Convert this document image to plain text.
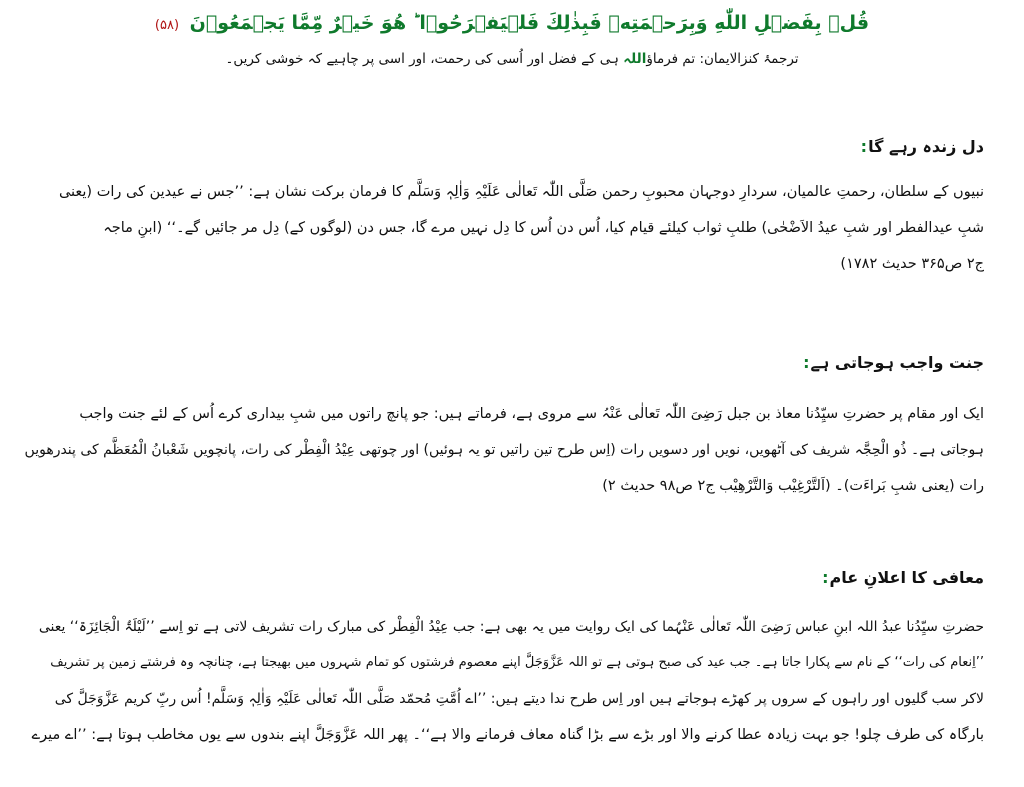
قُلۡ بِفَضۡلِ اللّٰهِ وَبِرَحۡمَتِهٖ فَبِذٰلِكَ فَلۡيَفۡرَحُوۡا ؕ هُوَ خَيۡرٌ مِّمَّا يَجۡمَعُوۡنَ (۵۸)
ترجمۂ کنزالایمان: تم فرماؤاللہ ہی کے فضل اور اُسی کی رحمت، اور اسی پر چاہیے کہ خوشی کریں۔
دل زندہ رہے گا
:
نبیوں کے سلطان، رحمتِ عالمیان، سردارِ دوجہان محبوبِ رحمن صَلَّی اللّٰہ تَعالٰی عَلَیْہِ وَاٰلِہٖ وَسَلَّم کا فرمان برکت نشان ہے: ’’جس نے عیدین کی رات (یعنی
شبِ عیدالفطر اور شبِ عیدُ الاَضْحٰی) طلبِ ثواب کیلئے قیام کیا، اُس دن اُس کا دِل نہیں مرے گا، جس دن (لوگوں کے) دِل مر جائیں گے۔‘‘ (ابنِ ماجہ
ج۲ ص۳۶۵ حدیث ۱۷۸۲)
جنت واجب ہوجاتی ہے
:
ایک اور مقام پر حضرتِ سیِّدُنا معاذ بن جبل رَضِیَ اللّٰہ تَعالٰی عَنْہُ سے مروی ہے، فرماتے ہیں: جو پانچ راتوں میں شبِ بیداری کرے اُس کے لئے جنت واجب
ہوجاتی ہے۔ ذُو الْحِجَّہ شریف کی آٹھویں، نویں اور دسویں رات (اِس طرح تین راتیں تو یہ ہوئیں) اور چوتھی عِیْدُ الْفِطْر کی رات، پانچویں شَعْبانُ الْمُعَظَّم کی پندرھویں
رات (یعنی شبِ بَراءَت)۔ (اَلتَّرْغِیْب وَالتَّرْھِیْب ج۲ ص۹۸ حدیث ۲)
معافی کا اعلانِ عام
:
حضرتِ سیِّدُنا عبدُ اللہ ابنِ عباس رَضِیَ اللّٰہ تَعالٰی عَنْہُما کی ایک روایت میں یہ بھی ہے: جب عِیْدُ الْفِطْر کی مبارک رات تشریف لاتی ہے تو اِسے ’’لَیْلَۃُ الْجَائِزَۃ‘‘ یعنی
’’اِنعام کی رات‘‘ کے نام سے پکارا جاتا ہے۔ جب عید کی صبح ہوتی ہے تو اللہ عَزَّوَجَلَّ اپنے معصوم فرشتوں کو تمام شہروں میں بھیجتا ہے، چنانچہ وہ فرشتے زمین پر تشریف
لاکر سب گلیوں اور راہوں کے سروں پر کھڑے ہوجاتے ہیں اور اِس طرح ندا دیتے ہیں: ’’اے اُمَّتِ مُحمّد صَلَّی اللّٰہ تَعالٰی عَلَیْہِ وَاٰلِہٖ وَسَلَّم! اُس ربِّ کریم عَزَّوَجَلَّ کی
بارگاہ کی طرف چلو! جو بہت زیادہ عطا کرنے والا اور بڑے سے بڑا گناہ معاف فرمانے والا ہے‘‘۔ پھر اللہ عَزَّوَجَلَّ اپنے بندوں سے یوں مخاطب ہوتا ہے: ’’اے میرے
